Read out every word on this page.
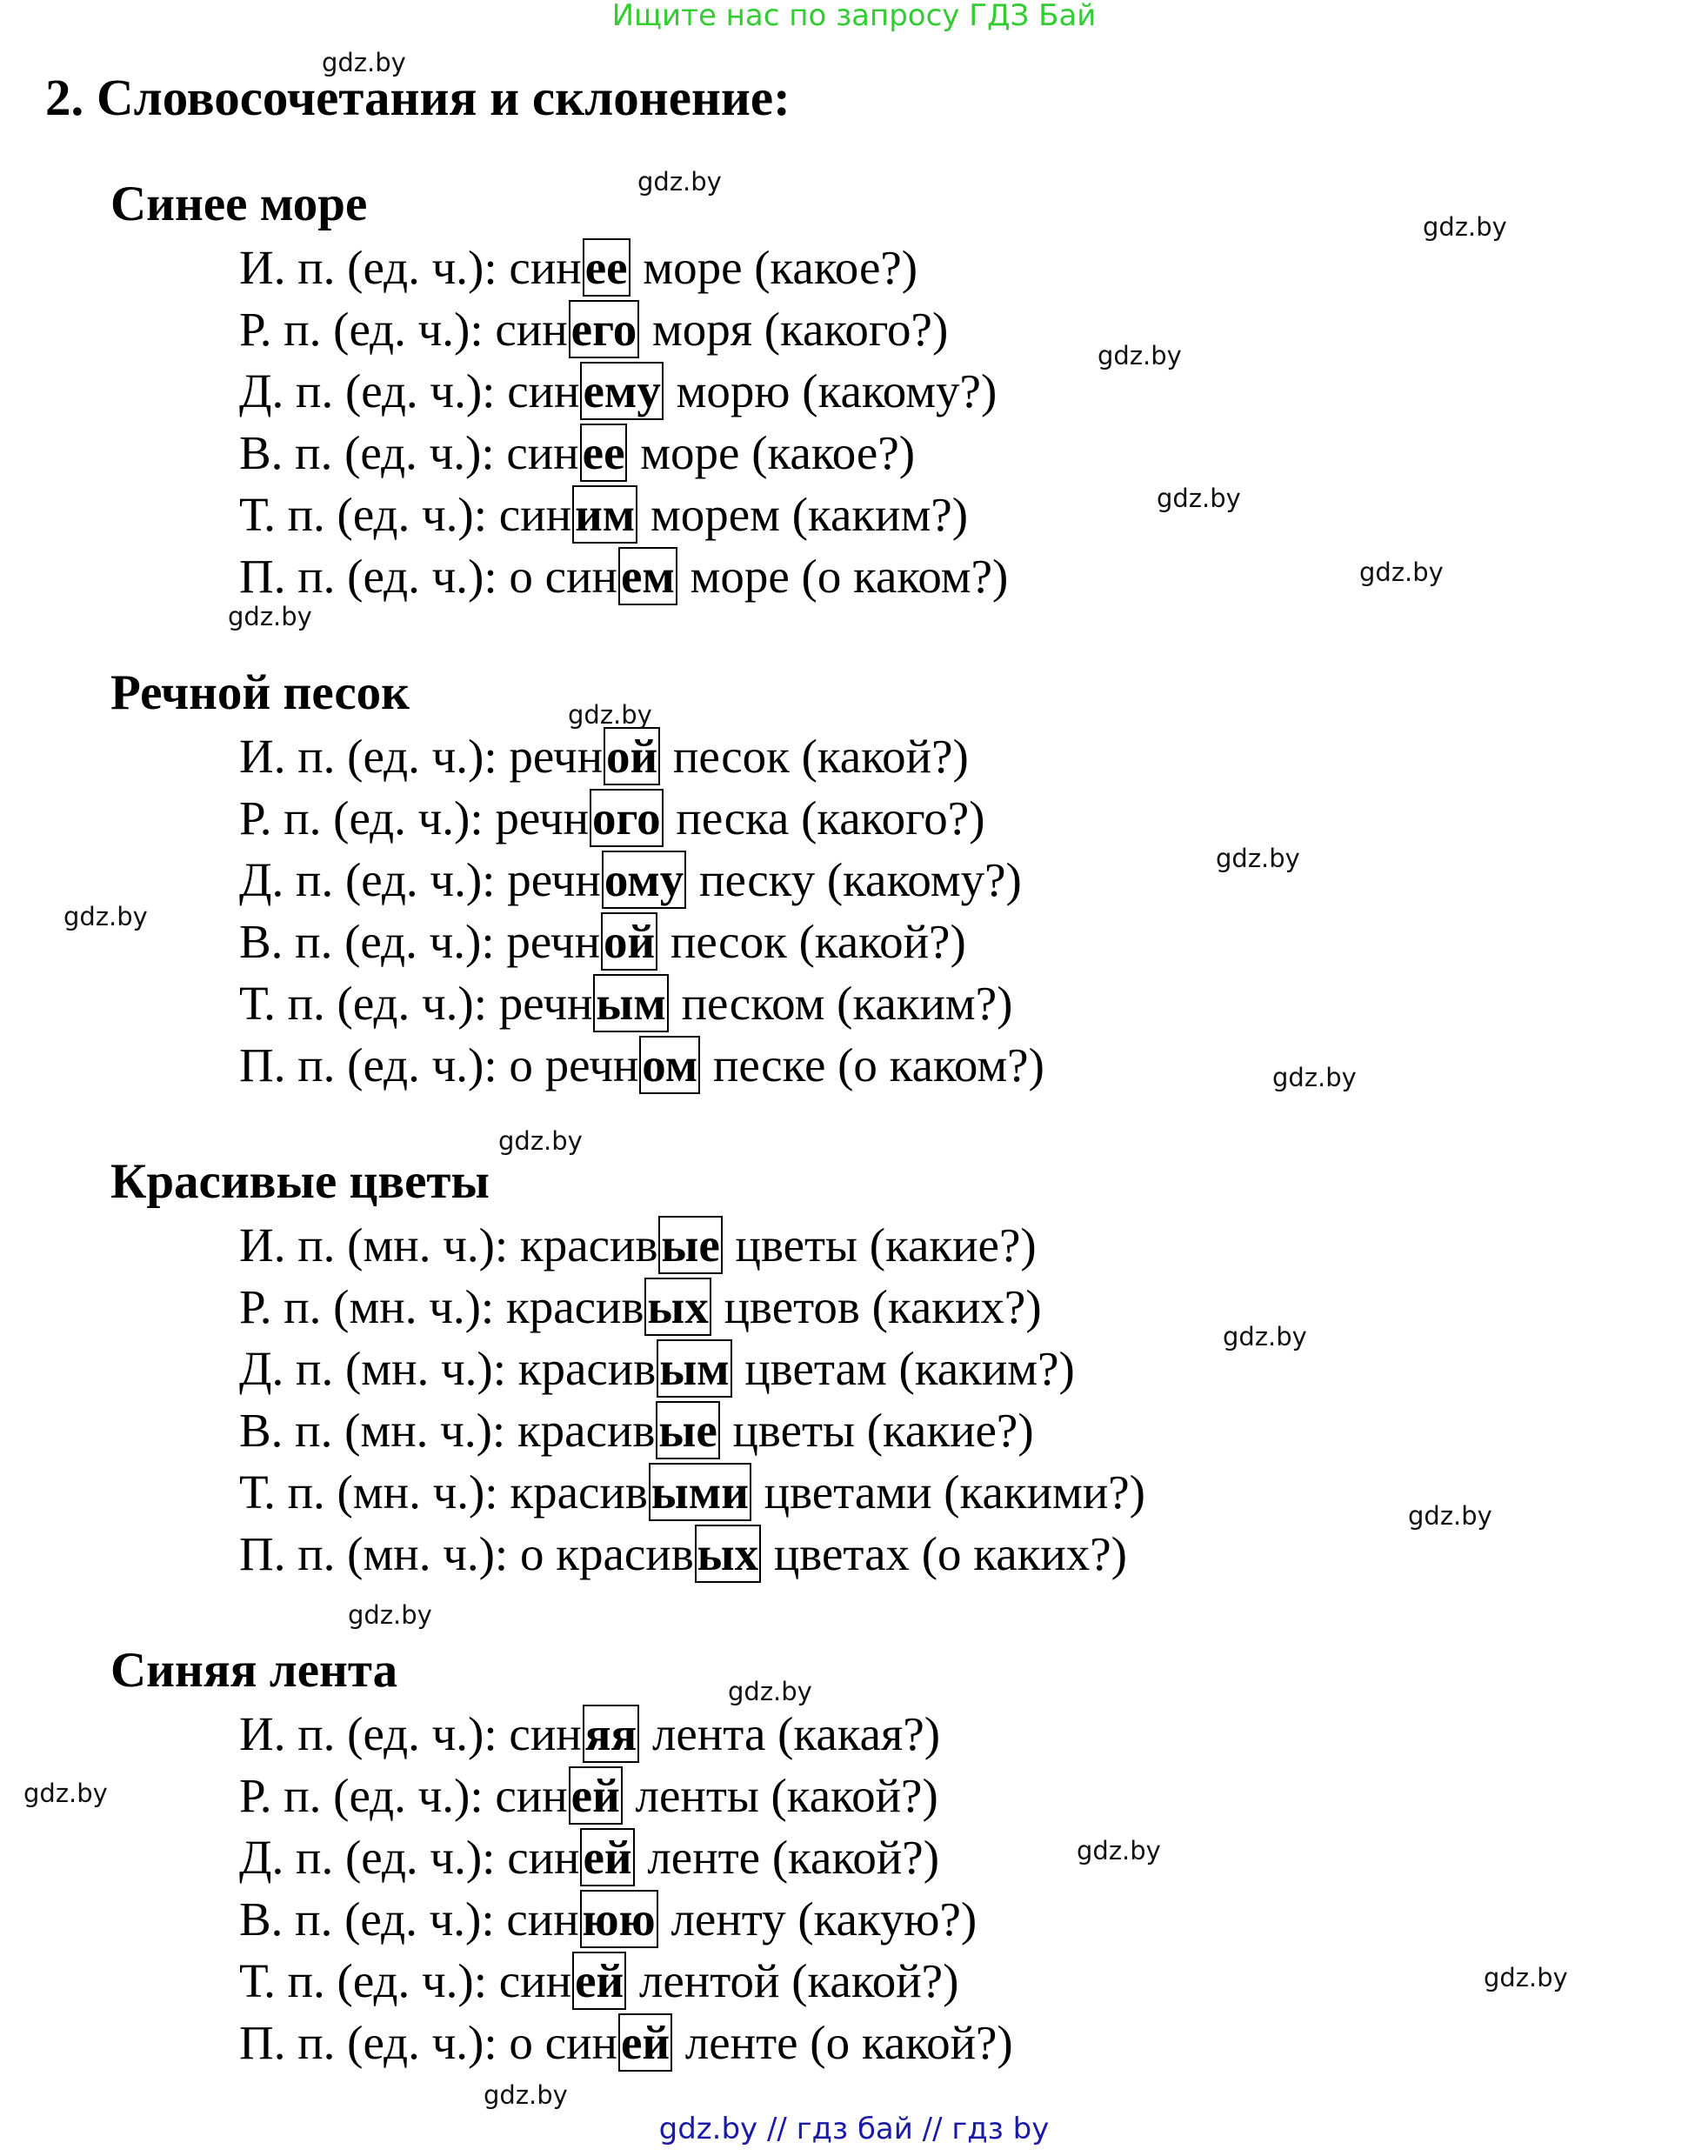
Ищите нас по запросу ГДЗ Бай
gdz.by
gdz.by
gdz.by
gdz.by
gdz.by
gdz.by
gdz.by
gdz.by
gdz.by
gdz.by
gdz.by
gdz.by
gdz.by
gdz.by
gdz.by
gdz.by
gdz.by
gdz.by
gdz.by
gdz.by
2. Словосочетания и склонение:
Синее море
И. п. (ед. ч.): синее море (какое?)
Р. п. (ед. ч.): синего моря (какого?)
Д. п. (ед. ч.): синему морю (какому?)
В. п. (ед. ч.): синее море (какое?)
Т. п. (ед. ч.): синим морем (каким?)
П. п. (ед. ч.): о синем море (о каком?)
Речной песок
И. п. (ед. ч.): речной песок (какой?)
Р. п. (ед. ч.): речного песка (какого?)
Д. п. (ед. ч.): речному песку (какому?)
В. п. (ед. ч.): речной песок (какой?)
Т. п. (ед. ч.): речным песком (каким?)
П. п. (ед. ч.): о речном песке (о каком?)
Красивые цветы
И. п. (мн. ч.): красивые цветы (какие?)
Р. п. (мн. ч.): красивых цветов (каких?)
Д. п. (мн. ч.): красивым цветам (каким?)
В. п. (мн. ч.): красивые цветы (какие?)
Т. п. (мн. ч.): красивыми цветами (какими?)
П. п. (мн. ч.): о красивых цветах (о каких?)
Синяя лента
И. п. (ед. ч.): синяя лента (какая?)
Р. п. (ед. ч.): синей ленты (какой?)
Д. п. (ед. ч.): синей ленте (какой?)
В. п. (ед. ч.): синюю ленту (какую?)
Т. п. (ед. ч.): синей лентой (какой?)
П. п. (ед. ч.): о синей ленте (о какой?)
gdz.by // гдз бай // гдз by
